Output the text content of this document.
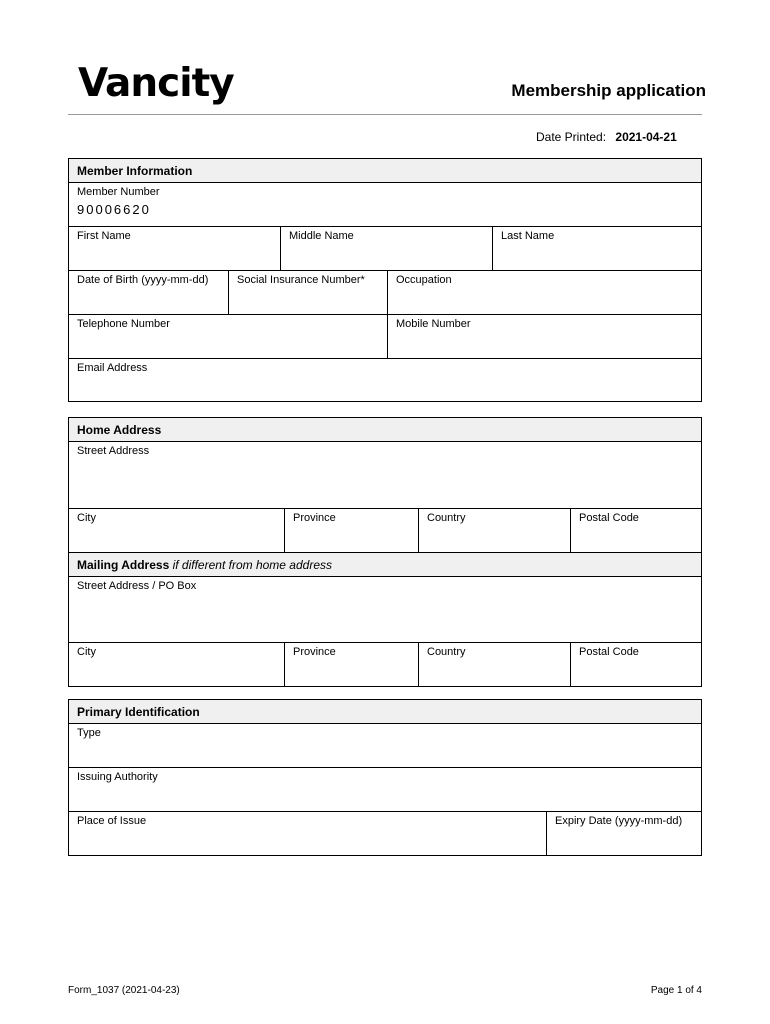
Vancity	Membership application
Date Printed: 2021-04-21
Member Information
Member Number
90006620
First Name	Middle Name	Last Name
Date of Birth (yyyy-mm-dd)	Social Insurance Number*	Occupation
Telephone Number	Mobile Number
Email Address
Home Address
Street Address
City	Province	Country	Postal Code
Mailing Address if different from home address
Street Address / PO Box
City	Province	Country	Postal Code
Primary Identification
Type
Issuing Authority
Place of Issue	Expiry Date (yyyy-mm-dd)
Form_1037 (2021-04-23)	Page 1 of 4
